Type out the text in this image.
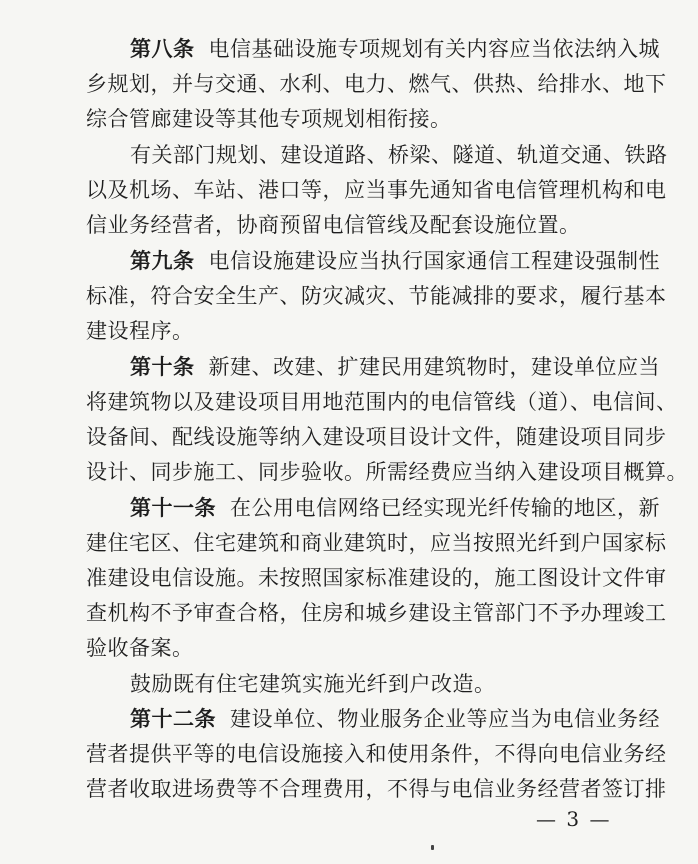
第八条 电信基础设施专项规划有关内容应当依法纳入城
乡规划，并与交通、水利、电力、燃气、供热、给排水、地下
综合管廊建设等其他专项规划相衔接。
有关部门规划、建设道路、桥梁、隧道、轨道交通、铁路
以及机场、车站、港口等，应当事先通知省电信管理机构和电
信业务经营者，协商预留电信管线及配套设施位置。
第九条 电信设施建设应当执行国家通信工程建设强制性
标准，符合安全生产、防灾减灾、节能减排的要求，履行基本
建设程序。
第十条 新建、改建、扩建民用建筑物时，建设单位应当
将建筑物以及建设项目用地范围内的电信管线（道）、电信间、
设备间、配线设施等纳入建设项目设计文件，随建设项目同步
设计、同步施工、同步验收。所需经费应当纳入建设项目概算。
第十一条 在公用电信网络已经实现光纤传输的地区，新
建住宅区、住宅建筑和商业建筑时，应当按照光纤到户国家标
准建设电信设施。未按照国家标准建设的，施工图设计文件审
查机构不予审查合格，住房和城乡建设主管部门不予办理竣工
验收备案。
鼓励既有住宅建筑实施光纤到户改造。
第十二条 建设单位、物业服务企业等应当为电信业务经
营者提供平等的电信设施接入和使用条件，不得向电信业务经
营者收取进场费等不合理费用，不得与电信业务经营者签订排
— 3 —
